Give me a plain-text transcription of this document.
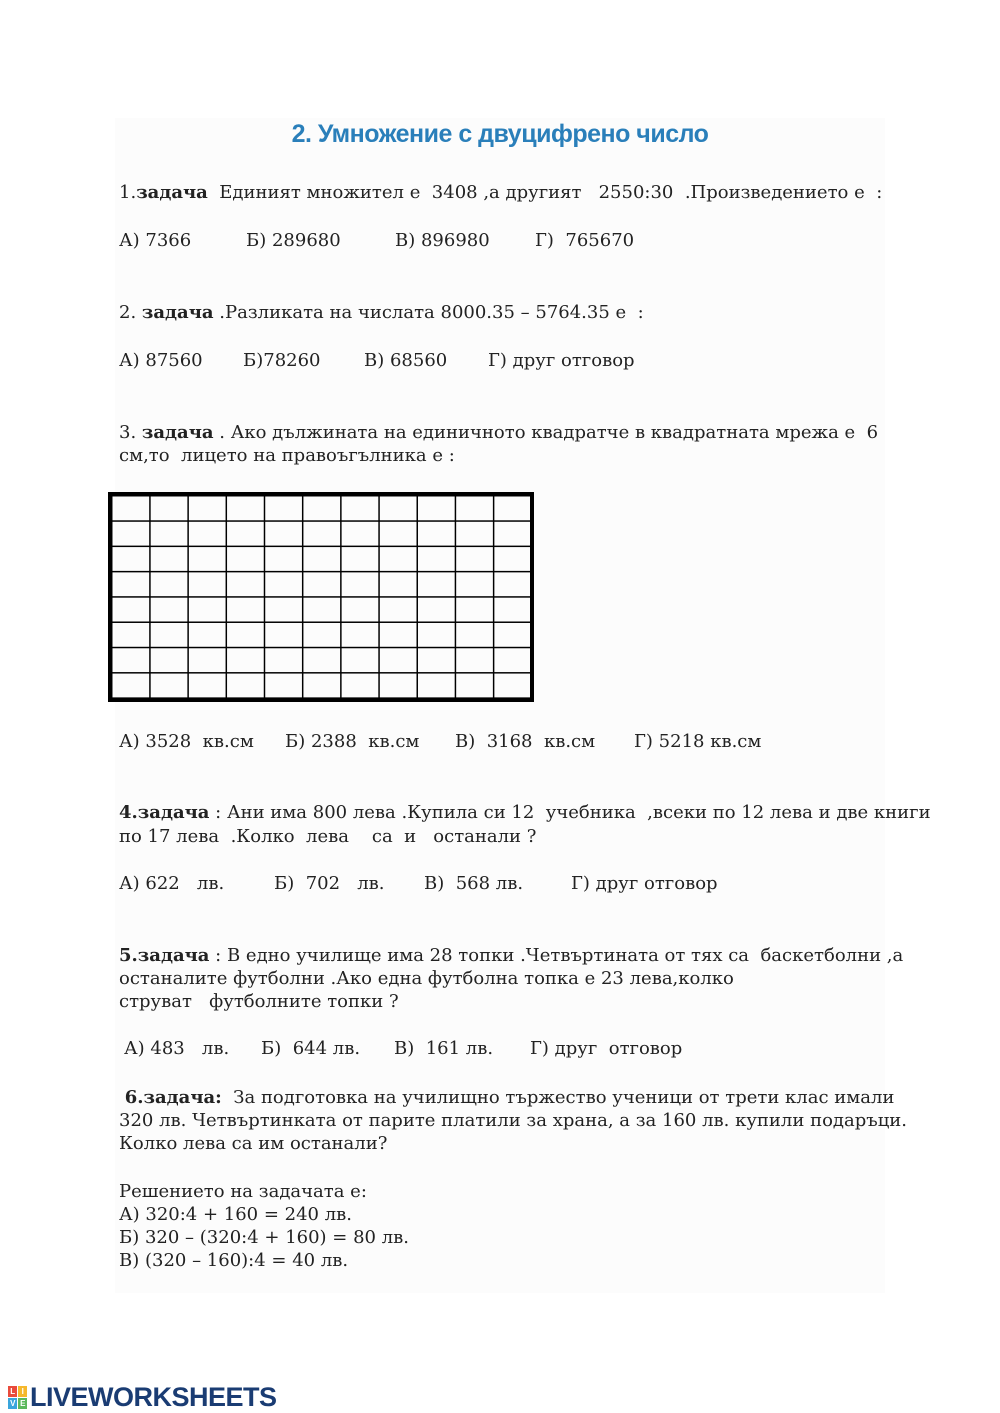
2. Умножение с двуцифрено число
1.задача  Единият множител е  3408 ,а другият   2550:30  .Произведението е  :
А) 7366	Б) 289680	В) 896980	Г)  765670
2. задача .Разликата на числата 8000.35 – 5764.35 е  :
А) 87560 Б)78260 В) 68560 Г) друг отговор
3. задача . Ако дължината на единичното квадратче в квадратната мрежа е  6
см,то  лицето на правоъгълника е :
А) 3528  кв.см Б) 2388  кв.см В)  3168  кв.см Г) 5218 кв.см
4.задача : Ани има 800 лева .Купила си 12  учебника  ,всеки по 12 лева и две книги
по 17 лева  .Колко  лева    са  и   останали ?
А) 622   лв.	Б)  702   лв. В)  568 лв.	Г) друг отговор
5.задача : В едно училище има 28 топки .Четвъртината от тях са  баскетболни ,а
останалите футболни .Ако една футболна топка е 23 лева,колко
струват   футболните топки ?
А) 483   лв. Б)  644 лв. В)  161 лв. Г) друг  отговор
6.задача:  За подготовка на училищно тържество ученици от трети клас имали
320 лв. Четвъртинката от парите платили за храна, а за 160 лв. купили подаръци.
Колко лева са им останали?
Решението на задачата е:
А) 320:4 + 160 = 240 лв.
Б) 320 – (320:4 + 160) = 80 лв.
В) (320 – 160):4 = 40 лв.
L I
V E LIVEWORKSHEETS
